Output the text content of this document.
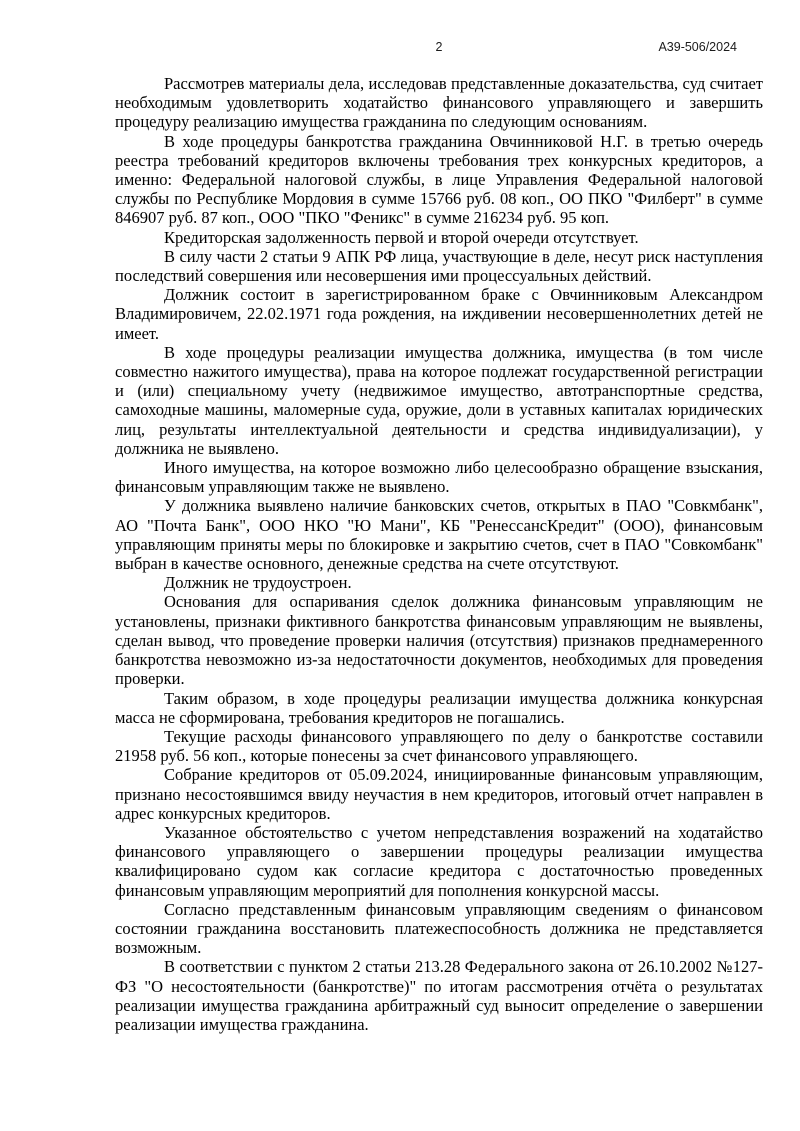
2	А39-506/2024

Рассмотрев материалы дела, исследовав представленные доказательства, суд считает необходимым удовлетворить ходатайство финансового управляющего и завершить процедуру реализацию имущества гражданина по следующим основаниям.

В ходе процедуры банкротства гражданина Овчинниковой Н.Г. в третью очередь реестра требований кредиторов включены требования трех конкурсных кредиторов, а именно: Федеральной налоговой службы, в лице Управления Федеральной налоговой службы по Республике Мордовия в сумме 15766 руб. 08 коп., ОО ПКО "Филберт" в сумме 846907 руб. 87 коп., ООО "ПКО "Феникс" в сумме 216234 руб. 95 коп.

Кредиторская задолженность первой и второй очереди отсутствует.

В силу части 2 статьи 9 АПК РФ лица, участвующие в деле, несут риск наступления последствий совершения или несовершения ими процессуальных действий.

Должник состоит в зарегистрированном браке с Овчинниковым Александром Владимировичем, 22.02.1971 года рождения, на иждивении несовершеннолетних детей не имеет.

В ходе процедуры реализации имущества должника, имущества (в том числе совместно нажитого имущества), права на которое подлежат государственной регистрации и (или) специальному учету (недвижимое имущество, автотранспортные средства, самоходные машины, маломерные суда, оружие, доли в уставных капиталах юридических лиц, результаты интеллектуальной деятельности и средства индивидуализации), у должника не выявлено.

Иного имущества, на которое возможно либо целесообразно обращение взыскания, финансовым управляющим также не выявлено.

У должника выявлено наличие банковских счетов, открытых в ПАО "Совкмбанк", АО "Почта Банк", ООО НКО "Ю Мани", КБ "РенессансКредит" (ООО), финансовым управляющим приняты меры по блокировке и закрытию счетов, счет в ПАО "Совкомбанк" выбран в качестве основного, денежные средства на счете отсутствуют.

Должник не трудоустроен.

Основания для оспаривания сделок должника финансовым управляющим не установлены, признаки фиктивного банкротства финансовым управляющим не выявлены, сделан вывод, что проведение проверки наличия (отсутствия) признаков преднамеренного банкротства невозможно из-за недостаточности документов, необходимых для проведения проверки.

Таким образом, в ходе процедуры реализации имущества должника конкурсная масса не сформирована, требования кредиторов не погашались.

Текущие расходы финансового управляющего по делу о банкротстве составили 21958 руб. 56 коп., которые понесены за счет финансового управляющего.

Собрание кредиторов от 05.09.2024, инициированные финансовым управляющим, признано несостоявшимся ввиду неучастия в нем кредиторов, итоговый отчет направлен в адрес конкурсных кредиторов.

Указанное обстоятельство с учетом непредставления возражений на ходатайство финансового управляющего о завершении процедуры реализации имущества квалифицировано судом как согласие кредитора с достаточностью проведенных финансовым управляющим мероприятий для пополнения конкурсной массы.

Согласно представленным финансовым управляющим сведениям о финансовом состоянии гражданина восстановить платежеспособность должника не представляется возможным.

В соответствии с пунктом 2 статьи 213.28 Федерального закона от 26.10.2002 №127-ФЗ "О несостоятельности (банкротстве)" по итогам рассмотрения отчёта о результатах реализации имущества гражданина арбитражный суд выносит определение о завершении реализации имущества гражданина.
